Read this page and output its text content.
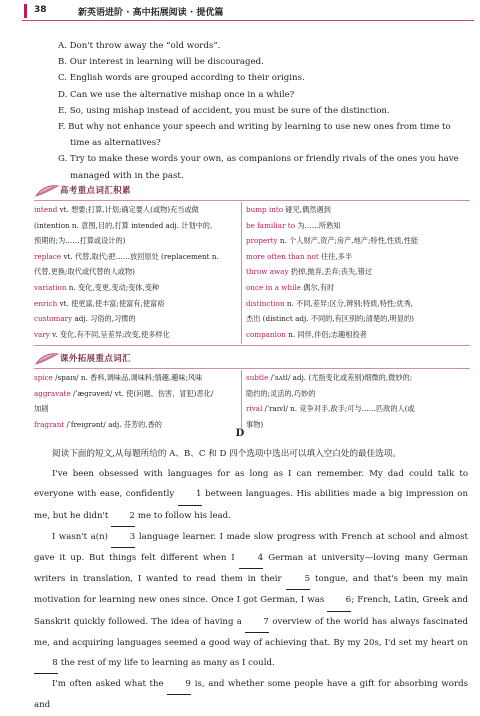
38	新英语进阶 · 高中拓展阅读 · 提优篇
A. Don't throw away the “old words”.
B. Our interest in learning will be discouraged.
C. English words are grouped according to their origins.
D. Can we use the alternative mishap once in a while?
E. So, using mishap instead of accident, you must be sure of the distinction.
F. But why not enhance your speech and writing by learning to use new ones from time to time as alternatives?
G. Try to make these words your own, as companions or friendly rivals of the ones you have managed with in the past.
高考重点词汇积累
intend vt. 想要;打算,计划;确定要人(或物)充当或做
(intention n. 意图,目的,打算 intended adj. 计划中的,
预期的;为……打算或设计的)
replace vt. 代替,取代;把……放回原处 (replacement n.
代替,更换;取代或代替的人或物)
variation n. 变化,变更,变动;变体,变种
enrich vt. 使更富,使丰富;使富有,使富裕
customary adj. 习俗的,习惯的
vary v. 变化,有不同,呈差异;改变,使多样化
bump into 碰见,偶然遇到
be familiar to 为……所熟知
property n. 个人财产,资产;房产,地产;特性,性质,性能
more often than not 往往,多半
throw away 扔掉,抛弃,丢弃;丧失,错过
once in a while 偶尔,有时
distinction n. 不同,差异;区分,辨别;特质,特性;优秀,
杰出 (distinct adj. 不同的,有区别的;清楚的,明显的)
companion n. 同伴,伴侣;志趣相投者
课外拓展重点词汇
spice /spaɪs/ n. 香料,调味品,调味料;情趣,趣味;风味
aggravate /ˈæɡrəveɪt/ vt. 使(问题、伤害、冒犯)恶化/
加剧
fragrant /ˈfreɪɡrənt/ adj. 芬芳的,香的
subtle /ˈsʌtl/ adj. (尤指变化或差别)细微的,微妙的;
隐约的;灵活的,巧妙的
rival /ˈraɪvl/ n. 竞争对手,敌手;可与……匹敌的人(或
事物)
D

阅读下面的短文,从每题所给的 A、B、C 和 D 四个选项中选出可以填入空白处的最佳选项。

I've been obsessed with languages for as long as I can remember. My dad could talk to everyone with ease, confidently 1 between languages. His abilities made a big impression on me, but he didn't 2 me to follow his lead.

I wasn't a(n) 3 language learner. I made slow progress with French at school and almost gave it up. But things felt different when I 4 German at university—loving many German writers in translation, I wanted to read them in their 5 tongue, and that's been my main motivation for learning new ones since. Once I got German, I was 6; French, Latin, Greek and Sanskrit quickly followed. The idea of having a 7 overview of the world has always fascinated me, and acquiring languages seemed a good way of achieving that. By my 20s, I'd set my heart on 8 the rest of my life to learning as many as I could.

I'm often asked what the 9 is, and whether some people have a gift for absorbing words and
